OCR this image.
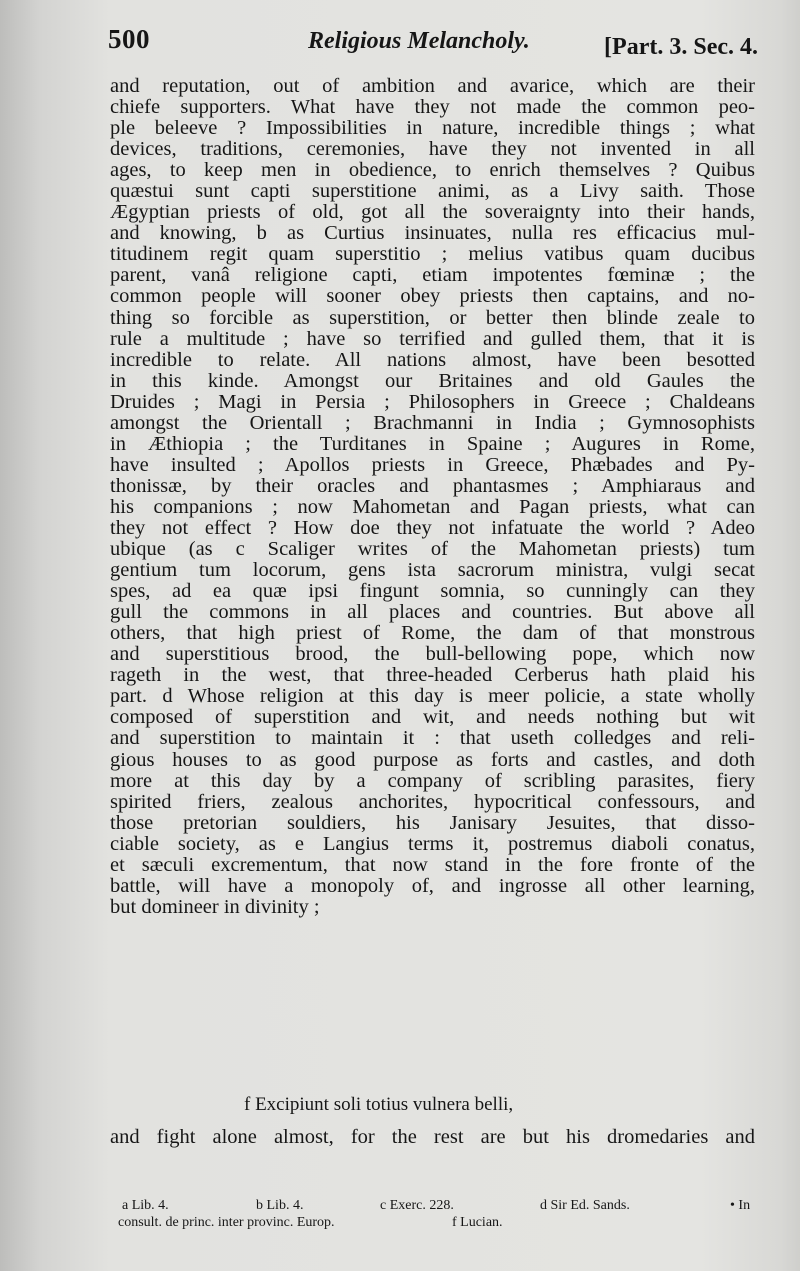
500	Religious Melancholy.	[Part. 3. Sec. 4.
and reputation, out of ambition and avarice, which are their
chiefe supporters. What have they not made the common peo-
ple beleeve ? Impossibilities in nature, incredible things ; what
devices, traditions, ceremonies, have they not invented in all
ages, to keep men in obedience, to enrich themselves ? Quibus
quæstui sunt capti superstitione animi, as a Livy saith. Those
Ægyptian priests of old, got all the soveraignty into their hands,
and knowing, b as Curtius insinuates, nulla res efficacius mul-
titudinem regit quam superstitio ; melius vatibus quam ducibus
parent, vanâ religione capti, etiam impotentes fœminæ ; the
common people will sooner obey priests then captains, and no-
thing so forcible as superstition, or better then blinde zeale to
rule a multitude ; have so terrified and gulled them, that it is
incredible to relate. All nations almost, have been besotted
in this kinde. Amongst our Britaines and old Gaules the
Druides ; Magi in Persia ; Philosophers in Greece ; Chaldeans
amongst the Orientall ; Brachmanni in India ; Gymnosophists
in Æthiopia ; the Turditanes in Spaine ; Augures in Rome,
have insulted ; Apollos priests in Greece, Phæbades and Py-
thonissæ, by their oracles and phantasmes ; Amphiaraus and
his companions ; now Mahometan and Pagan priests, what can
they not effect ? How doe they not infatuate the world ? Adeo
ubique (as c Scaliger writes of the Mahometan priests) tum
gentium tum locorum, gens ista sacrorum ministra, vulgi secat
spes, ad ea quæ ipsi fingunt somnia, so cunningly can they
gull the commons in all places and countries. But above all
others, that high priest of Rome, the dam of that monstrous
and superstitious brood, the bull-bellowing pope, which now
rageth in the west, that three-headed Cerberus hath plaid his
part. d Whose religion at this day is meer policie, a state wholly
composed of superstition and wit, and needs nothing but wit
and superstition to maintain it : that useth colledges and reli-
gious houses to as good purpose as forts and castles, and doth
more at this day by a company of scribling parasites, fiery
spirited friers, zealous anchorites, hypocritical confessours, and
those pretorian souldiers, his Janisary Jesuites, that disso-
ciable society, as e Langius terms it, postremus diaboli conatus,
et sæculi excrementum, that now stand in the fore fronte of the
battle, will have a monopoly of, and ingrosse all other learning,
but domineer in divinity ;
f Excipiunt soli totius vulnera belli,
and fight alone almost, for the rest are but his dromedaries and
a Lib. 4.	b Lib. 4.	c Exerc. 228.	d Sir Ed. Sands.	• In
consult. de princ. inter provinc. Europ.	f Lucian.
